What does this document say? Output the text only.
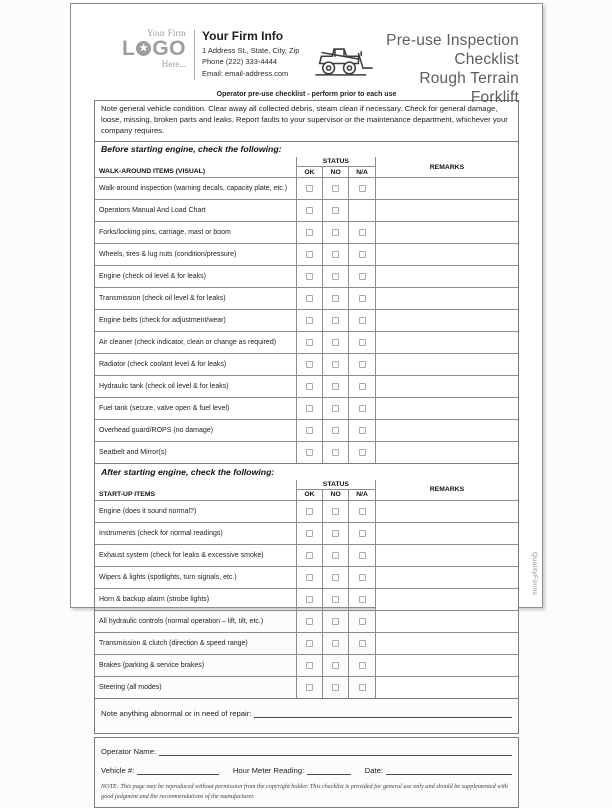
Your Firm
L ★ GO
Here...
Your Firm Info
1 Address St., State, City, Zip
Phone (222) 333-4444
Email: email-address.com
Pre-use Inspection Checklist
Rough Terrain Forklift
Operator pre-use checklist - perform prior to each use
Note general vehicle condition. Clear away all collected debris, steam clean if necessary. Check for general damage, loose, missing, broken parts and leaks. Report faults to your supervisor or the maintenance department, whichever your company requires.
Before starting engine, check the following:
WALK-AROUND ITEMS (VISUAL)	STATUS			REMARKS
	OK	NO	N/A	
Walk-around inspection (warning decals, capacity plate, etc.)				
Operators Manual And Load Chart				
Forks/locking pins, carriage, mast or boom				
Wheels, tires & lug nuts (condition/pressure)				
Engine (check oil level & for leaks)				
Transmission (check oil level & for leaks)				
Engine belts (check for adjustment/wear)				
Air cleaner (check indicator, clean or change as required)				
Radiator (check coolant level & for leaks)				
Hydraulic tank (check oil level & for leaks)				
Fuel tank (secure, valve open & fuel level)				
Overhead guard/ROPS (no damage)				
Seatbelt and Mirror(s)				
After starting engine, check the following:
START-UP ITEMS	STATUS			REMARKS
	OK	NO	N/A	
Engine (does it sound normal?)				
Instruments (check for normal readings)				
Exhaust system (check for leaks & excessive smoke)				
Wipers & lights (spotlights, turn signals, etc.)				
Horn & backup alarm (strobe lights)				
All hydraulic controls (normal operation – lift, tilt, etc.)				
Transmission & clutch (direction & speed range)				
Brakes (parking & service brakes)				
Steering (all modes)				
Note anything abnormal or in need of repair:
Operator Name:
Vehicle #:	Hour Meter Reading:	Date:
NOTE: This page may be reproduced without permission from the copyright holder. This checklist is provided for general use only and should be supplemented with good judgment and the recommendations of the manufacturer.
QualityForms
